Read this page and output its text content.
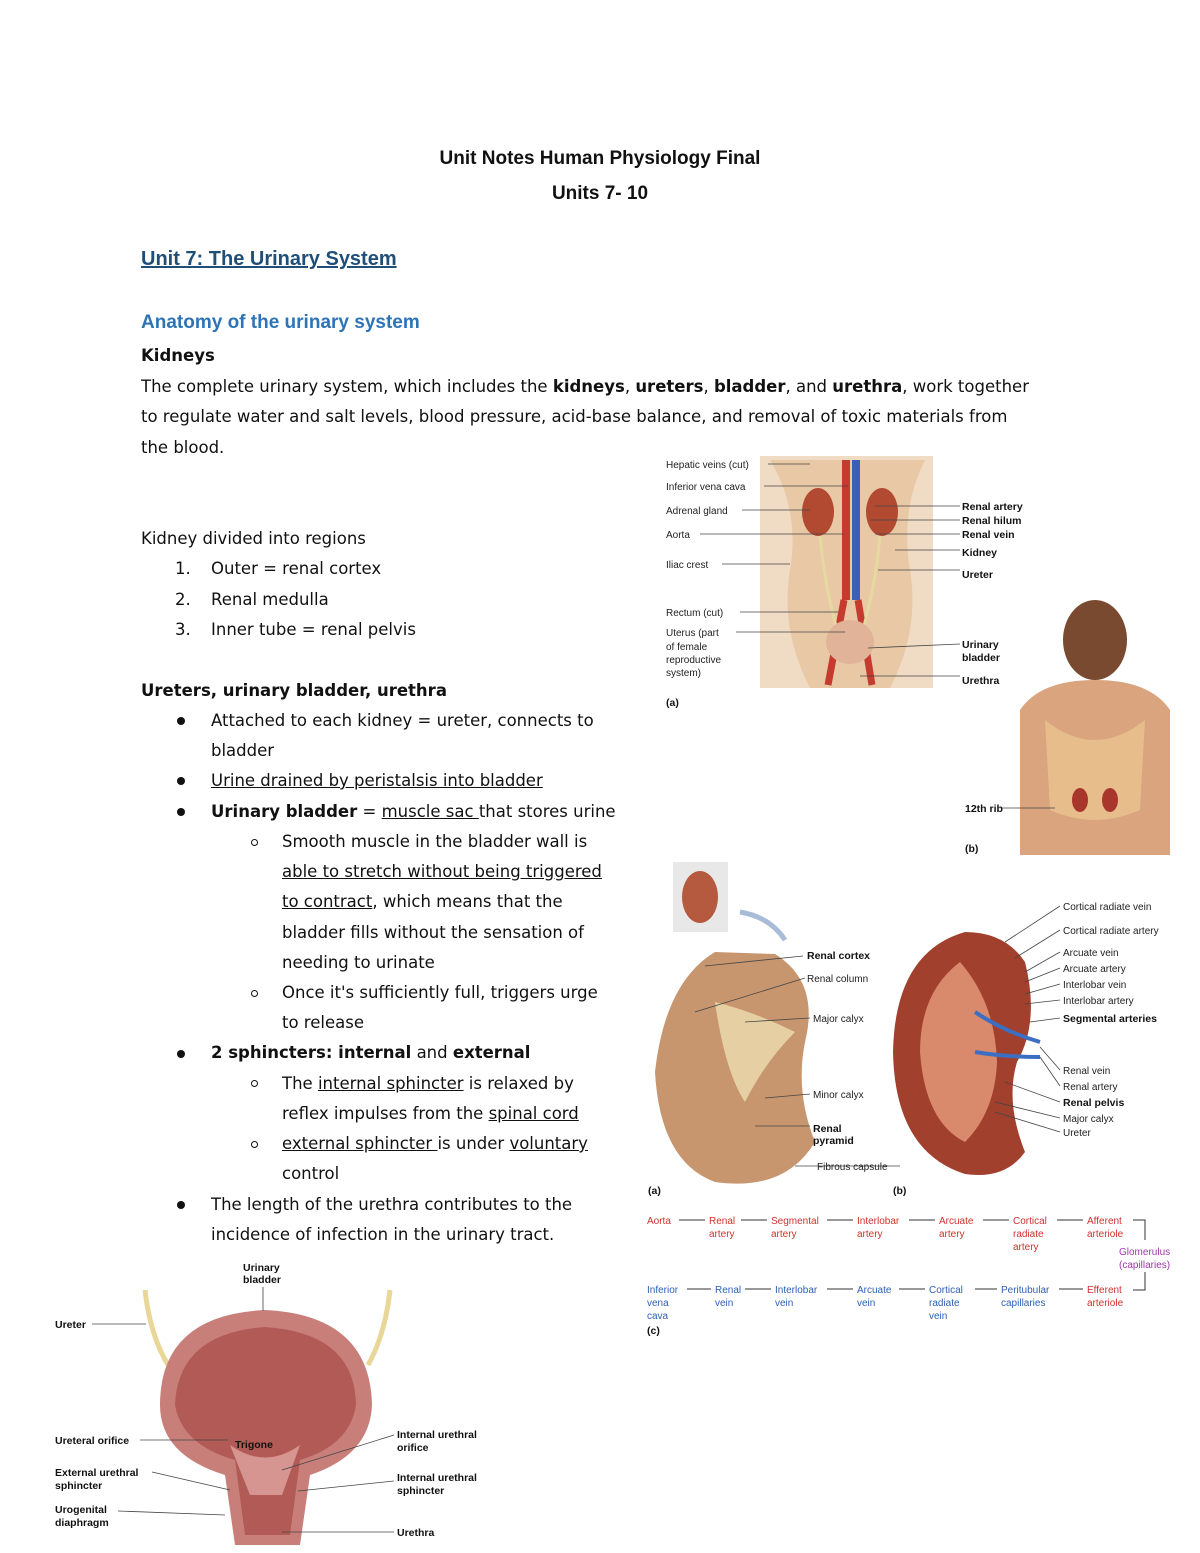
Unit Notes Human Physiology Final
Units 7- 10
Unit 7: The Urinary System
Anatomy of the urinary system
Kidneys
The complete urinary system, which includes the kidneys, ureters, bladder, and urethra, work together
to regulate water and salt levels, blood pressure, acid-base balance, and removal of toxic materials from
the blood.
Kidney divided into regions
1. Outer = renal cortex
2. Renal medulla
3. Inner tube = renal pelvis
Ureters, urinary bladder, urethra
Attached to each kidney = ureter, connects to
bladder
Urine drained by peristalsis into bladder
Urinary bladder = muscle sac that stores urine
Smooth muscle in the bladder wall is
able to stretch without being triggered
to contract, which means that the
bladder fills without the sensation of
needing to urinate
Once it's sufficiently full, triggers urge
to release
2 sphincters: internal and external
The internal sphincter is relaxed by
reflex impulses from the spinal cord
external sphincter is under voluntary
control
The length of the urethra contributes to the
incidence of infection in the urinary tract.
Hepatic veins (cut)
Inferior vena cava
Adrenal gland
Aorta
Iliac crest
Rectum (cut)
Uterus (part
of female
reproductive
system)
Renal artery
Renal hilum
Renal vein
Kidney
Ureter
Urinary
bladder
Urethra
(a)
12th rib
(b)
Renal cortex
Renal column
Major calyx
Minor calyx
Renal
pyramid
Fibrous capsule
Cortical radiate vein
Cortical radiate artery
Arcuate vein
Arcuate artery
Interlobar vein
Interlobar artery
Segmental arteries
Renal vein
Renal artery
Renal pelvis
Major calyx
Ureter
(a)	(b)
Aorta	Renal
artery
Segmental
artery
Interlobar
artery
Arcuate
artery
Cortical
radiate
artery
Afferent
arteriole
Glomerulus
(capillaries)
Inferior
vena
cava
Renal
vein
Interlobar
vein
Arcuate
vein
Cortical
radiate
vein
Peritubular
capillaries
Efferent
arteriole
(c)
Urinary
bladder
Ureter
Ureteral orifice	Trigone
External urethral
sphincter
Urogenital
diaphragm
Internal urethral
orifice
Internal urethral
sphincter
Urethra
